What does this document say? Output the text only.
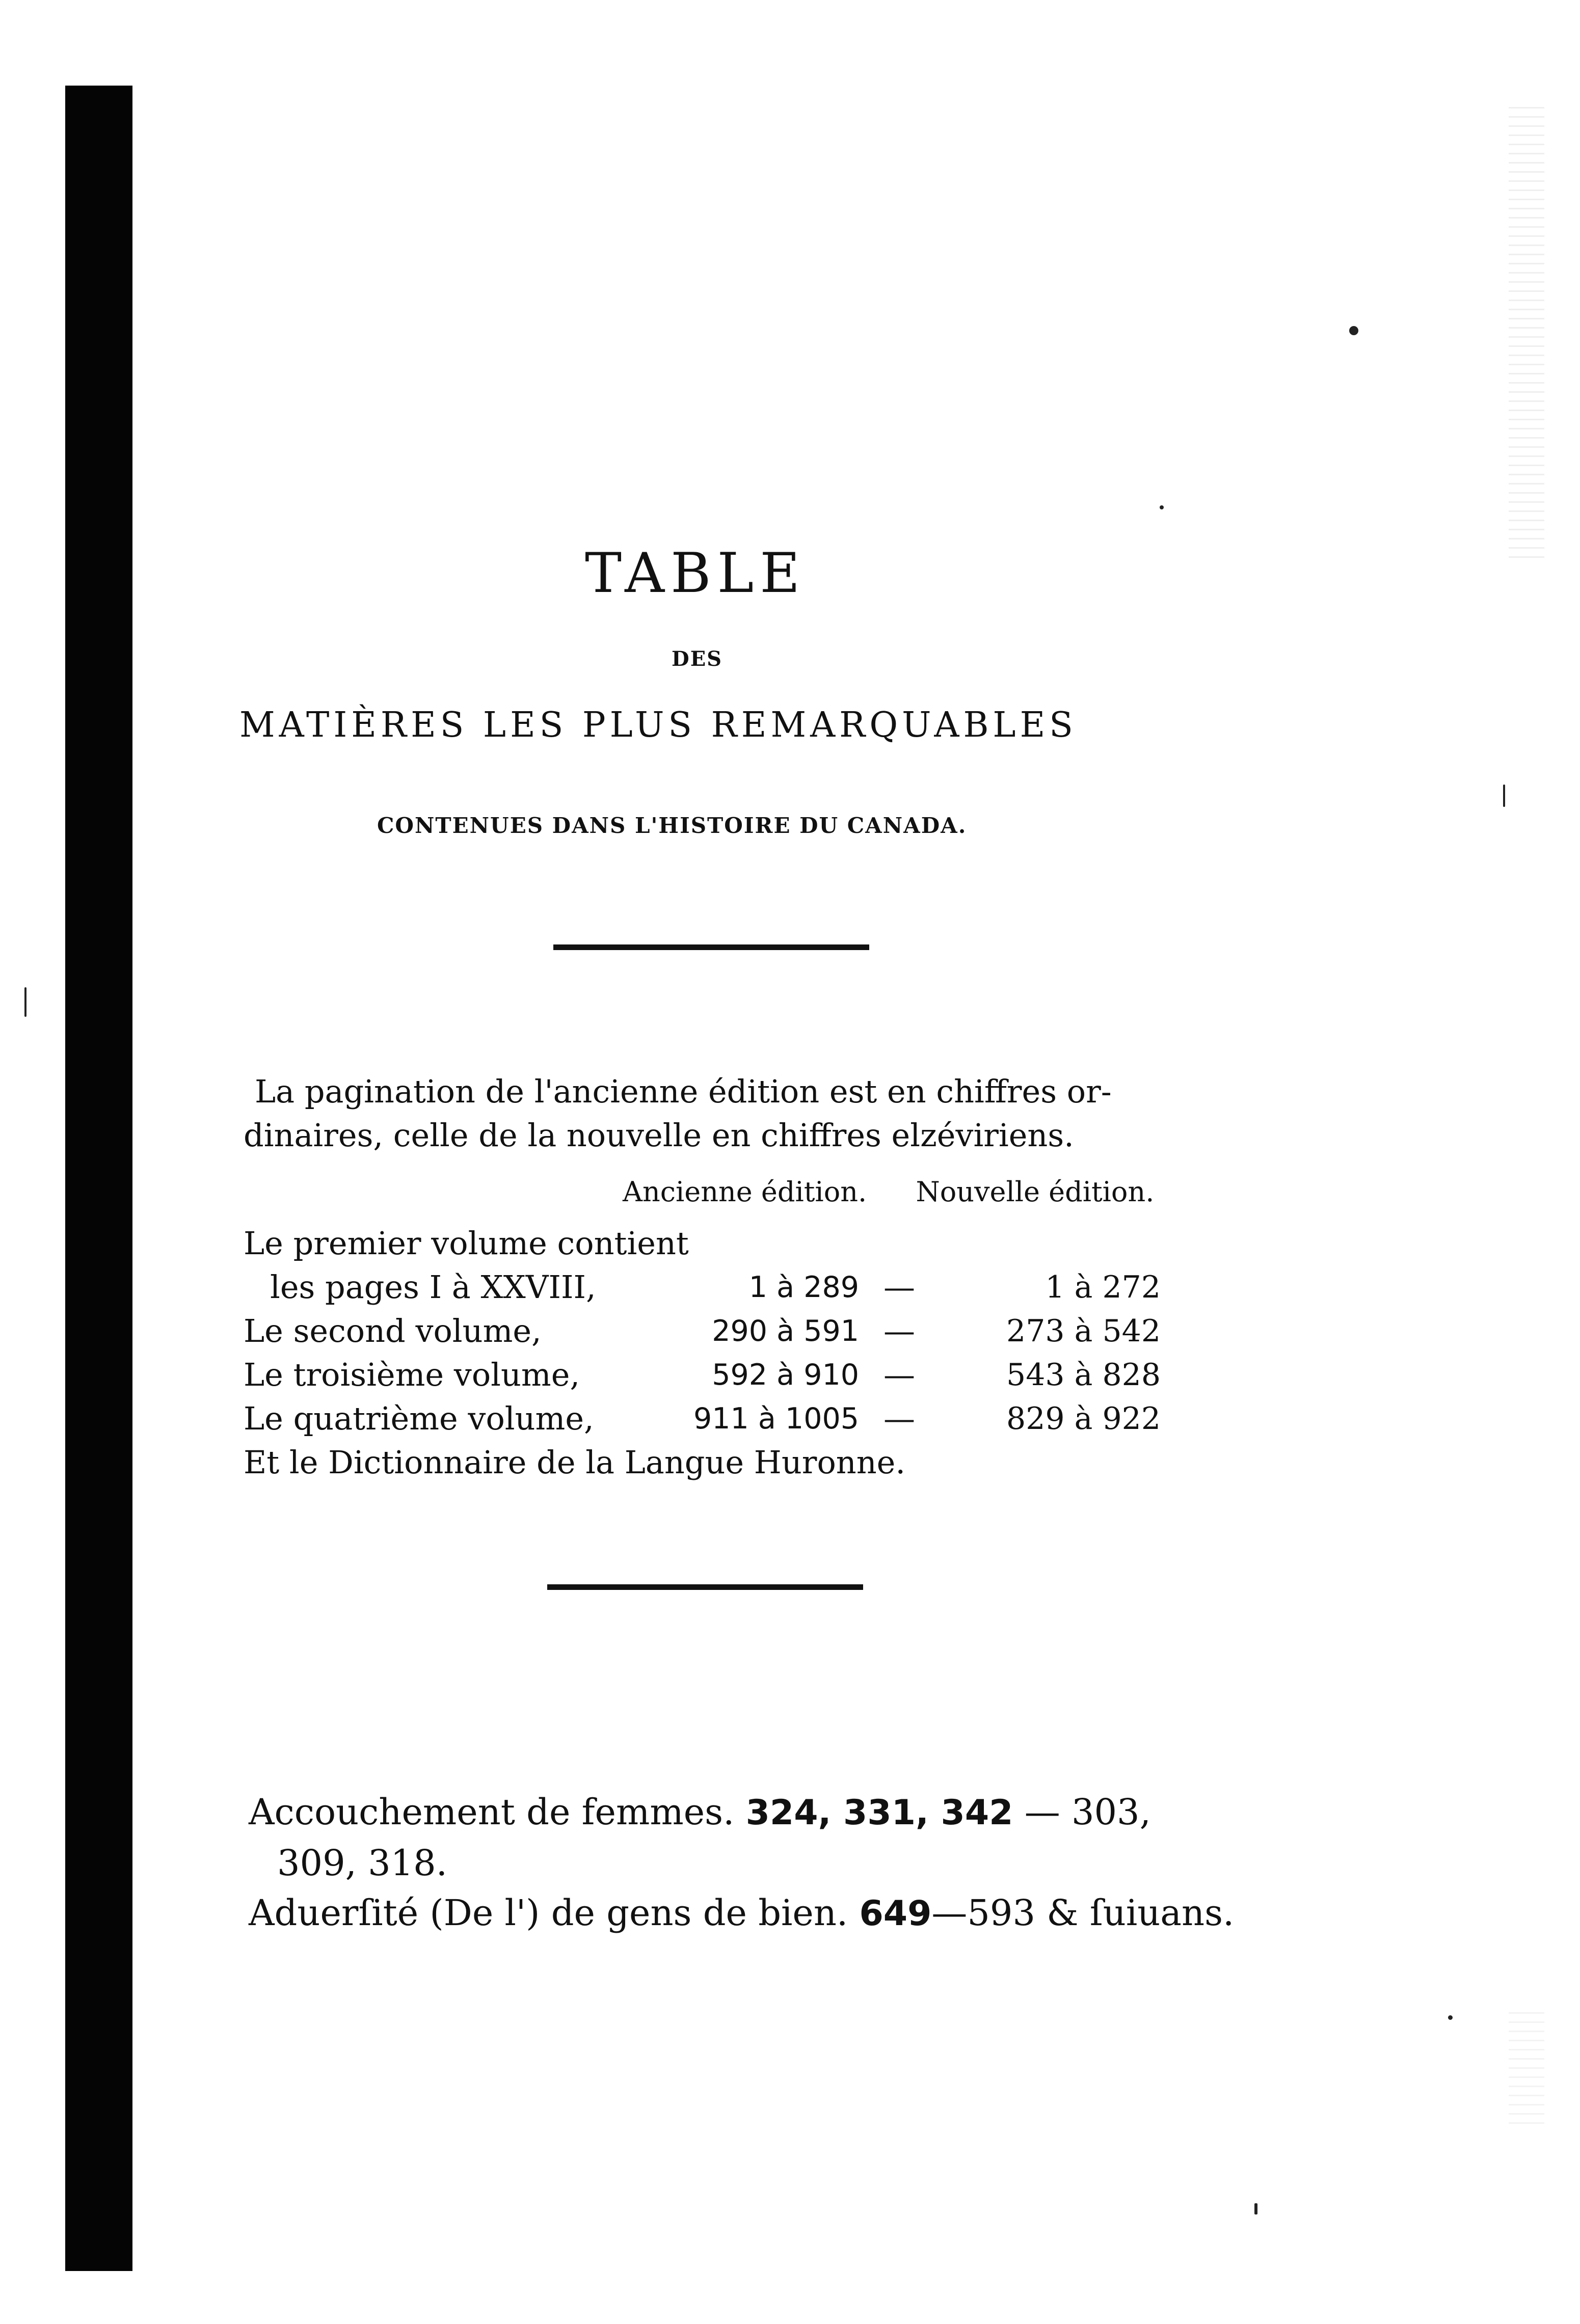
TABLE
DES
MATIÈRES LES PLUS REMARQUABLES
CONTENUES DANS L'HISTOIRE DU CANADA.
La pagination de l'ancienne édition est en chiffres or-
dinaires, celle de la nouvelle en chiffres elzéviriens.
Ancienne édition. Nouvelle édition.
Le premier volume contient
les pages I à XXVIII,	1 à 289 —	1 à 272
Le second volume,	290 à 591 —	273 à 542
Le troisième volume,	592 à 910 —	543 à 828
Le quatrième volume,	911 à 1005 —	829 à 922
Et le Dictionnaire de la Langue Huronne.
Accouchement de femmes. 324, 331, 342 — 303,
309, 318.
Aduerſité (De l') de gens de bien. 649—593 & ſuiuans.
